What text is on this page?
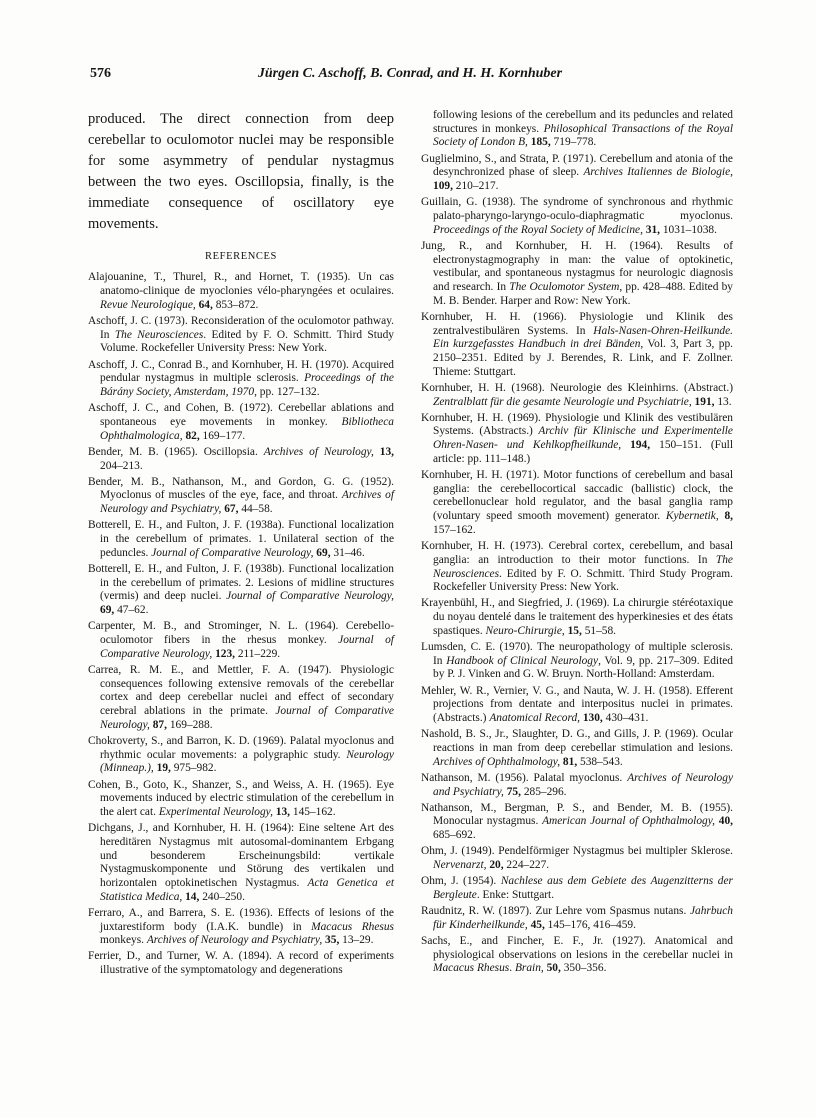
576	Jürgen C. Aschoff, B. Conrad, and H. H. Kornhuber

produced. The direct connection from deep cerebellar to oculomotor nuclei may be responsible for some asymmetry of pendular nystagmus between the two eyes. Oscillopsia, finally, is the immediate consequence of oscillatory eye movements.

REFERENCES
Alajouanine, T., Thurel, R., and Hornet, T. (1935). Un cas anatomo-clinique de myoclonies vélo-pharyngées et oculaires. Revue Neurologique, 64, 853–872.
Aschoff, J. C. (1973). Reconsideration of the oculomotor pathway. In The Neurosciences. Edited by F. O. Schmitt. Third Study Volume. Rockefeller University Press: New York.
Aschoff, J. C., Conrad B., and Kornhuber, H. H. (1970). Acquired pendular nystagmus in multiple sclerosis. Proceedings of the Bárány Society, Amsterdam, 1970, pp. 127–132.
Aschoff, J. C., and Cohen, B. (1972). Cerebellar ablations and spontaneous eye movements in monkey. Bibliotheca Ophthalmologica, 82, 169–177.
Bender, M. B. (1965). Oscillopsia. Archives of Neurology, 13, 204–213.
Bender, M. B., Nathanson, M., and Gordon, G. G. (1952). Myoclonus of muscles of the eye, face, and throat. Archives of Neurology and Psychiatry, 67, 44–58.
Botterell, E. H., and Fulton, J. F. (1938a). Functional localization in the cerebellum of primates. 1. Unilateral section of the peduncles. Journal of Comparative Neurology, 69, 31–46.
Botterell, E. H., and Fulton, J. F. (1938b). Functional localization in the cerebellum of primates. 2. Lesions of midline structures (vermis) and deep nuclei. Journal of Comparative Neurology, 69, 47–62.
Carpenter, M. B., and Strominger, N. L. (1964). Cerebello-oculomotor fibers in the rhesus monkey. Journal of Comparative Neurology, 123, 211–229.
Carrea, R. M. E., and Mettler, F. A. (1947). Physiologic consequences following extensive removals of the cerebellar cortex and deep cerebellar nuclei and effect of secondary cerebral ablations in the primate. Journal of Comparative Neurology, 87, 169–288.
Chokroverty, S., and Barron, K. D. (1969). Palatal myoclonus and rhythmic ocular movements: a polygraphic study. Neurology (Minneap.), 19, 975–982.
Cohen, B., Goto, K., Shanzer, S., and Weiss, A. H. (1965). Eye movements induced by electric stimulation of the cerebellum in the alert cat. Experimental Neurology, 13, 145–162.
Dichgans, J., and Kornhuber, H. H. (1964): Eine seltene Art des hereditären Nystagmus mit autosomal-dominantem Erbgang und besonderem Erscheinungsbild: vertikale Nystagmuskomponente und Störung des vertikalen und horizontalen optokinetischen Nystagmus. Acta Genetica et Statistica Medica, 14, 240–250.
Ferraro, A., and Barrera, S. E. (1936). Effects of lesions of the juxtarestiform body (I.A.K. bundle) in Macacus Rhesus monkeys. Archives of Neurology and Psychiatry, 35, 13–29.
Ferrier, D., and Turner, W. A. (1894). A record of experiments illustrative of the symptomatology and degenerations
following lesions of the cerebellum and its peduncles and related structures in monkeys. Philosophical Transactions of the Royal Society of London B, 185, 719–778.
Guglielmino, S., and Strata, P. (1971). Cerebellum and atonia of the desynchronized phase of sleep. Archives Italiennes de Biologie, 109, 210–217.
Guillain, G. (1938). The syndrome of synchronous and rhythmic palato-pharyngo-laryngo-oculo-diaphragmatic myoclonus. Proceedings of the Royal Society of Medicine, 31, 1031–1038.
Jung, R., and Kornhuber, H. H. (1964). Results of electronystagmography in man: the value of optokinetic, vestibular, and spontaneous nystagmus for neurologic diagnosis and research. In The Oculomotor System, pp. 428–488. Edited by M. B. Bender. Harper and Row: New York.
Kornhuber, H. H. (1966). Physiologie und Klinik des zentralvestibulären Systems. In Hals-Nasen-Ohren-Heilkunde. Ein kurzgefasstes Handbuch in drei Bänden, Vol. 3, Part 3, pp. 2150–2351. Edited by J. Berendes, R. Link, and F. Zollner. Thieme: Stuttgart.
Kornhuber, H. H. (1968). Neurologie des Kleinhirns. (Abstract.) Zentralblatt für die gesamte Neurologie und Psychiatrie, 191, 13.
Kornhuber, H. H. (1969). Physiologie und Klinik des vestibulären Systems. (Abstracts.) Archiv für Klinische und Experimentelle Ohren-Nasen- und Kehlkopfheilkunde, 194, 150–151. (Full article: pp. 111–148.)
Kornhuber, H. H. (1971). Motor functions of cerebellum and basal ganglia: the cerebellocortical saccadic (ballistic) clock, the cerebellonuclear hold regulator, and the basal ganglia ramp (voluntary speed smooth movement) generator. Kybernetik, 8, 157–162.
Kornhuber, H. H. (1973). Cerebral cortex, cerebellum, and basal ganglia: an introduction to their motor functions. In The Neurosciences. Edited by F. O. Schmitt. Third Study Program. Rockefeller University Press: New York.
Krayenbühl, H., and Siegfried, J. (1969). La chirurgie stéréotaxique du noyau dentelé dans le traitement des hyperkinesies et des états spastiques. Neuro-Chirurgie, 15, 51–58.
Lumsden, C. E. (1970). The neuropathology of multiple sclerosis. In Handbook of Clinical Neurology, Vol. 9, pp. 217–309. Edited by P. J. Vinken and G. W. Bruyn. North-Holland: Amsterdam.
Mehler, W. R., Vernier, V. G., and Nauta, W. J. H. (1958). Efferent projections from dentate and interpositus nuclei in primates. (Abstracts.) Anatomical Record, 130, 430–431.
Nashold, B. S., Jr., Slaughter, D. G., and Gills, J. P. (1969). Ocular reactions in man from deep cerebellar stimulation and lesions. Archives of Ophthalmology, 81, 538–543.
Nathanson, M. (1956). Palatal myoclonus. Archives of Neurology and Psychiatry, 75, 285–296.
Nathanson, M., Bergman, P. S., and Bender, M. B. (1955). Monocular nystagmus. American Journal of Ophthalmology, 40, 685–692.
Ohm, J. (1949). Pendelförmiger Nystagmus bei multipler Sklerose. Nervenarzt, 20, 224–227.
Ohm, J. (1954). Nachlese aus dem Gebiete des Augenzitterns der Bergleute. Enke: Stuttgart.
Raudnitz, R. W. (1897). Zur Lehre vom Spasmus nutans. Jahrbuch für Kinderheilkunde, 45, 145–176, 416–459.
Sachs, E., and Fincher, E. F., Jr. (1927). Anatomical and physiological observations on lesions in the cerebellar nuclei in Macacus Rhesus. Brain, 50, 350–356.
